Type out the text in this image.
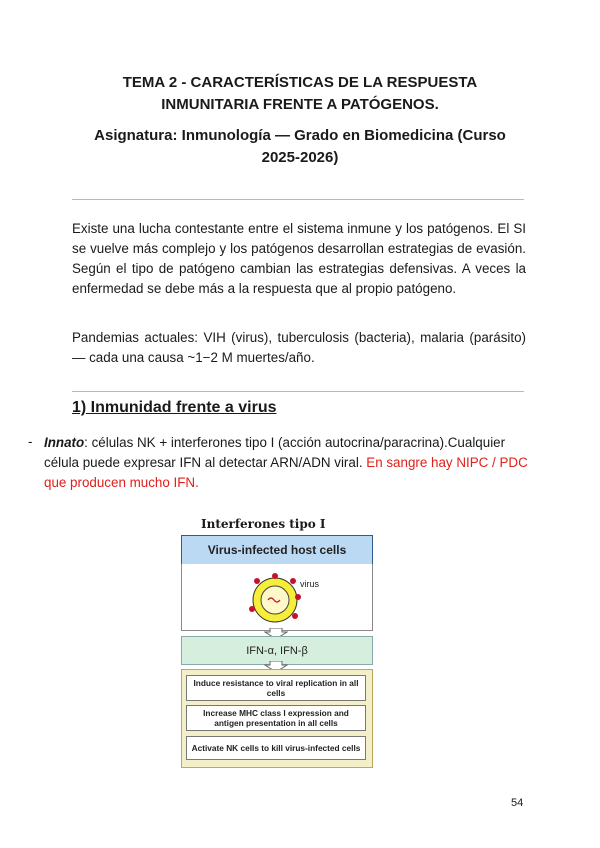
TEMA 2 - CARACTERÍSTICAS DE LA RESPUESTA
INMUNITARIA FRENTE A PATÓGENOS.
Asignatura: Inmunología — Grado en Biomedicina (Curso
2025-2026)
Existe una lucha contestante entre el sistema inmune y los patógenos. El SI se vuelve más complejo y los patógenos desarrollan estrategias de evasión. Según el tipo de patógeno cambian las estrategias defensivas. A veces la enfermedad se debe más a la respuesta que al propio patógeno.
Pandemias actuales: VIH (virus), tuberculosis (bacteria), malaria (parásito) — cada una causa ~1−2 M muertes/año.
1) Inmunidad frente a virus
- Innato: células NK + interferones tipo I (acción autocrina/paracrina).Cualquier célula puede expresar IFN al detectar ARN/ADN viral. En sangre hay NIPC / PDC que producen mucho IFN.
Interferones tipo I
Virus-infected host cells
virus
IFN-α, IFN-β
Induce resistance to viral replication in all cells
Increase MHC class I expression and antigen presentation in all cells
Activate NK cells to kill virus-infected cells
54
